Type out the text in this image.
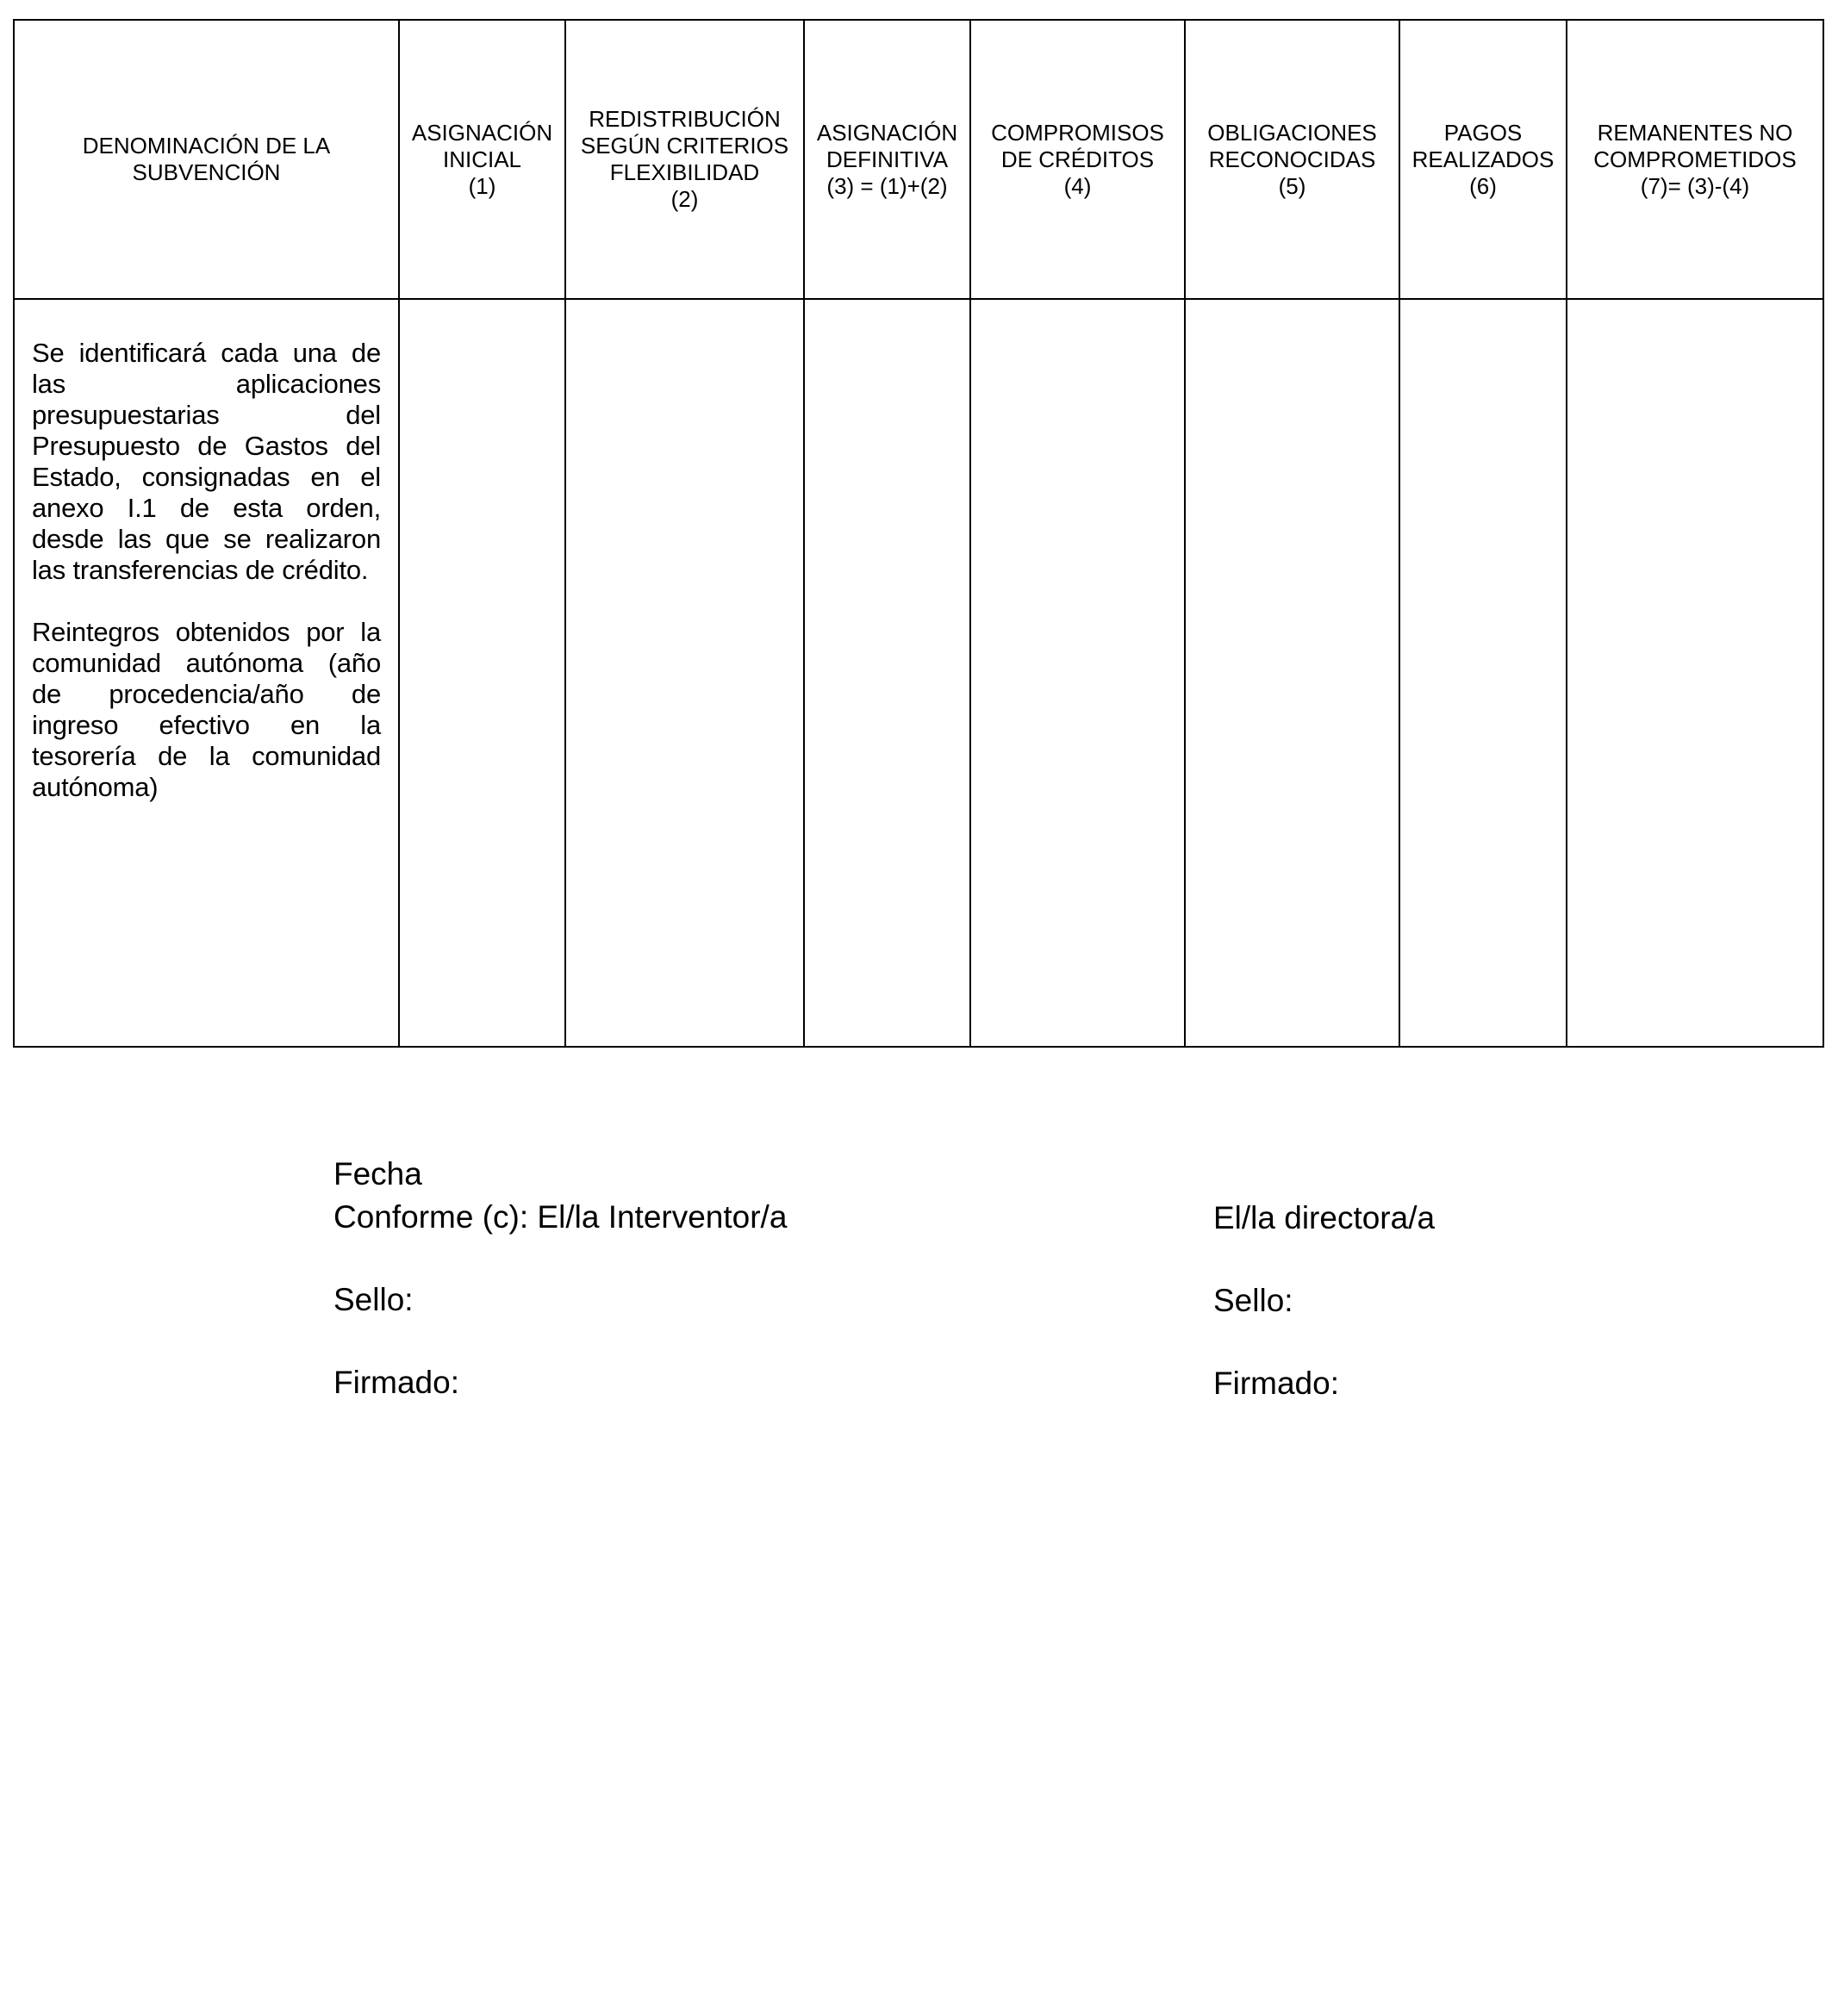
DENOMINACIÓN DE LA
SUBVENCIÓN	ASIGNACIÓN
INICIAL
(1)	REDISTRIBUCIÓN
SEGÚN CRITERIOS
FLEXIBILIDAD
(2)	ASIGNACIÓN
DEFINITIVA
(3) = (1)+(2)	COMPROMISOS
DE CRÉDITOS
(4)	OBLIGACIONES
RECONOCIDAS
(5)	PAGOS
REALIZADOS
(6)	REMANENTES NO
COMPROMETIDOS
(7)= (3)-(4)

Se identificará cada una de las aplicaciones presupuestarias del Presupuesto de Gastos del Estado, consignadas en el anexo I.1 de esta orden, desde las que se realizaron las transferencias de crédito.

Reintegros obtenidos por la comunidad autónoma (año de procedencia/año de ingreso efectivo en la tesorería de la comunidad autónoma)							

Fecha
Conforme (c): El/la Interventor/a
Sello:
Firmado:
El/la directora/a
Sello:
Firmado:
